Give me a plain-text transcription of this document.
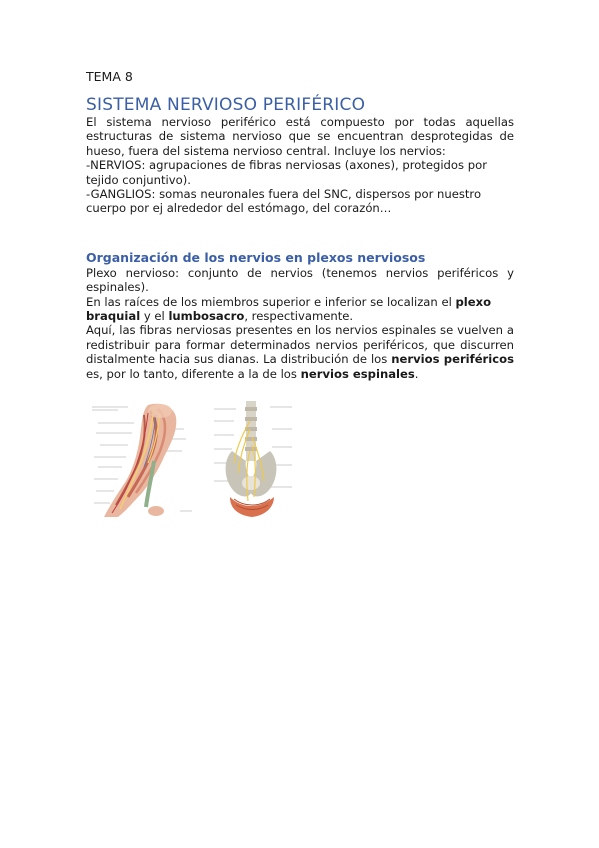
TEMA 8

SISTEMA NERVIOSO PERIFÉRICO

El sistema nervioso periférico está compuesto por todas aquellas estructuras de sistema nervioso que se encuentran desprotegidas de hueso, fuera del sistema nervioso central. Incluye los nervios:

-NERVIOS: agrupaciones de fibras nerviosas (axones), protegidos por tejido conjuntivo).

-GANGLIOS: somas neuronales fuera del SNC, dispersos por nuestro cuerpo por ej alrededor del estómago, del corazón…

Organización de los nervios en plexos nerviosos

Plexo nervioso: conjunto de nervios (tenemos nervios periféricos y espinales).

En las raíces de los miembros superior e inferior se localizan el plexo braquial y el lumbosacro, respectivamente.

Aquí, las fibras nerviosas presentes en los nervios espinales se vuelven a redistribuir para formar determinados nervios periféricos, que discurren distalmente hacia sus dianas. La distribución de los nervios periféricos es, por lo tanto, diferente a la de los nervios espinales.
